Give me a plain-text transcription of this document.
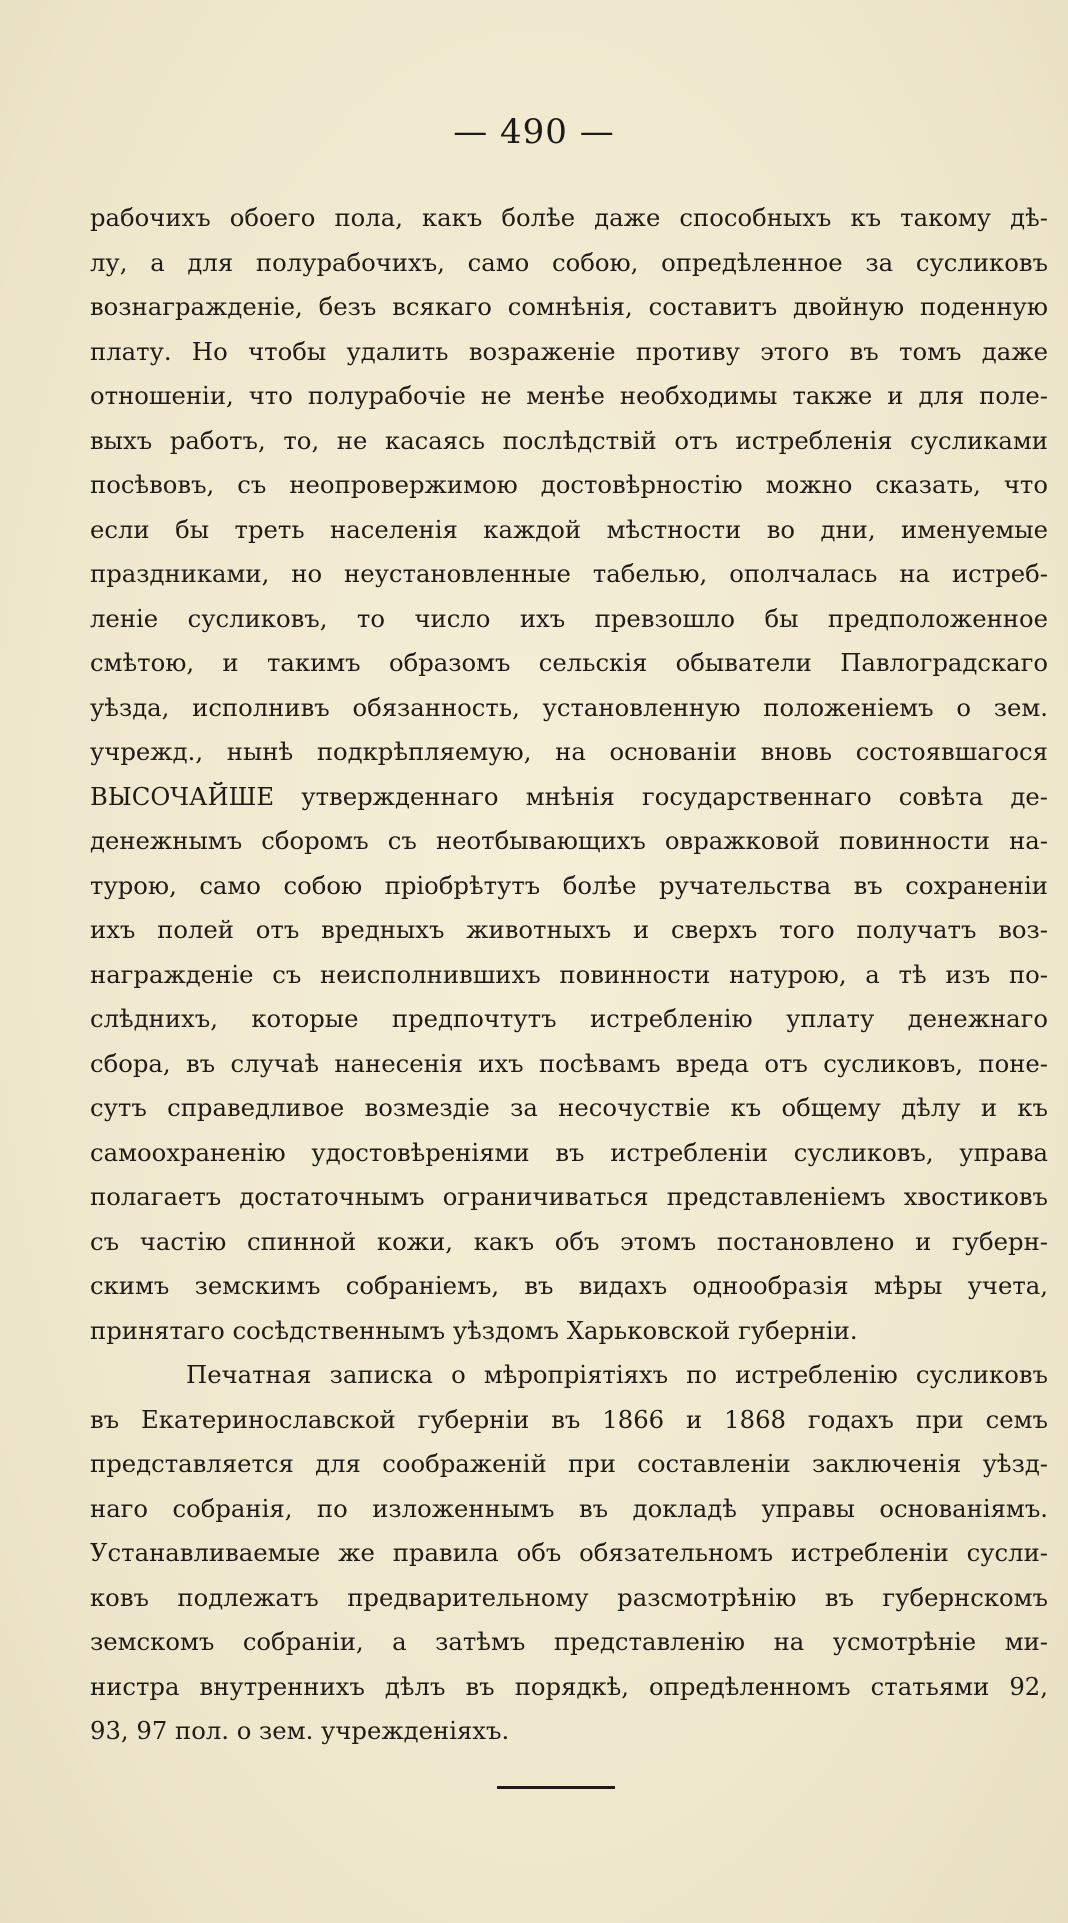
— 490 —
рабочихъ обоего пола, какъ болѣе даже способныхъ къ такому дѣ-
лу, а для полурабочихъ, само собою, опредѣленное за сусликовъ
вознагражденіе, безъ всякаго сомнѣнія, составитъ двойную поденную
плату. Но чтобы удалить возраженіе противу этого въ томъ даже
отношеніи, что полурабочіе не менѣе необходимы также и для поле-
выхъ работъ, то, не касаясь послѣдствій отъ истребленія сусликами
посѣвовъ, съ неопровержимою достовѣрностію можно сказать, что
если бы треть населенія каждой мѣстности во дни, именуемые
праздниками, но неустановленные табелью, ополчалась на истреб-
леніе сусликовъ, то число ихъ превзошло бы предположенное
смѣтою, и такимъ образомъ сельскія обыватели Павлоградскаго
уѣзда, исполнивъ обязанность, установленную положеніемъ о зем.
учрежд., нынѣ подкрѣпляемую, на основаніи вновь состоявшагося
ВЫСОЧАЙШЕ утвержденнаго мнѣнія государственнаго совѣта де-
денежнымъ сборомъ съ неотбывающихъ овражковой повинности на-
турою, само собою пріобрѣтутъ болѣе ручательства въ сохраненіи
ихъ полей отъ вредныхъ животныхъ и сверхъ того получатъ воз-
награжденіе съ неисполнившихъ повинности натурою, а тѣ изъ по-
слѣднихъ, которые предпочтутъ истребленію уплату денежнаго
сбора, въ случаѣ нанесенія ихъ посѣвамъ вреда отъ сусликовъ, поне-
сутъ справедливое возмездіе за несочуствіе къ общему дѣлу и къ
самоохраненію удостовѣреніями въ истребленіи сусликовъ, управа
полагаетъ достаточнымъ ограничиваться представленіемъ хвостиковъ
съ частію спинной кожи, какъ объ этомъ постановлено и губерн-
скимъ земскимъ собраніемъ, въ видахъ однообразія мѣры учета,
принятаго сосѣдственнымъ уѣздомъ Харьковской губерніи.
Печатная записка о мѣропріятіяхъ по истребленію сусликовъ
въ Екатеринославской губерніи въ 1866 и 1868 годахъ при семъ
представляется для соображеній при составленіи заключенія уѣзд-
наго собранія, по изложеннымъ въ докладѣ управы основаніямъ.
Устанавливаемые же правила объ обязательномъ истребленіи сусли-
ковъ подлежатъ предварительному разсмотрѣнію въ губернскомъ
земскомъ собраніи, а затѣмъ представленію на усмотрѣніе ми-
нистра внутреннихъ дѣлъ въ порядкѣ, опредѣленномъ статьями 92,
93, 97 пол. о зем. учрежденіяхъ.
